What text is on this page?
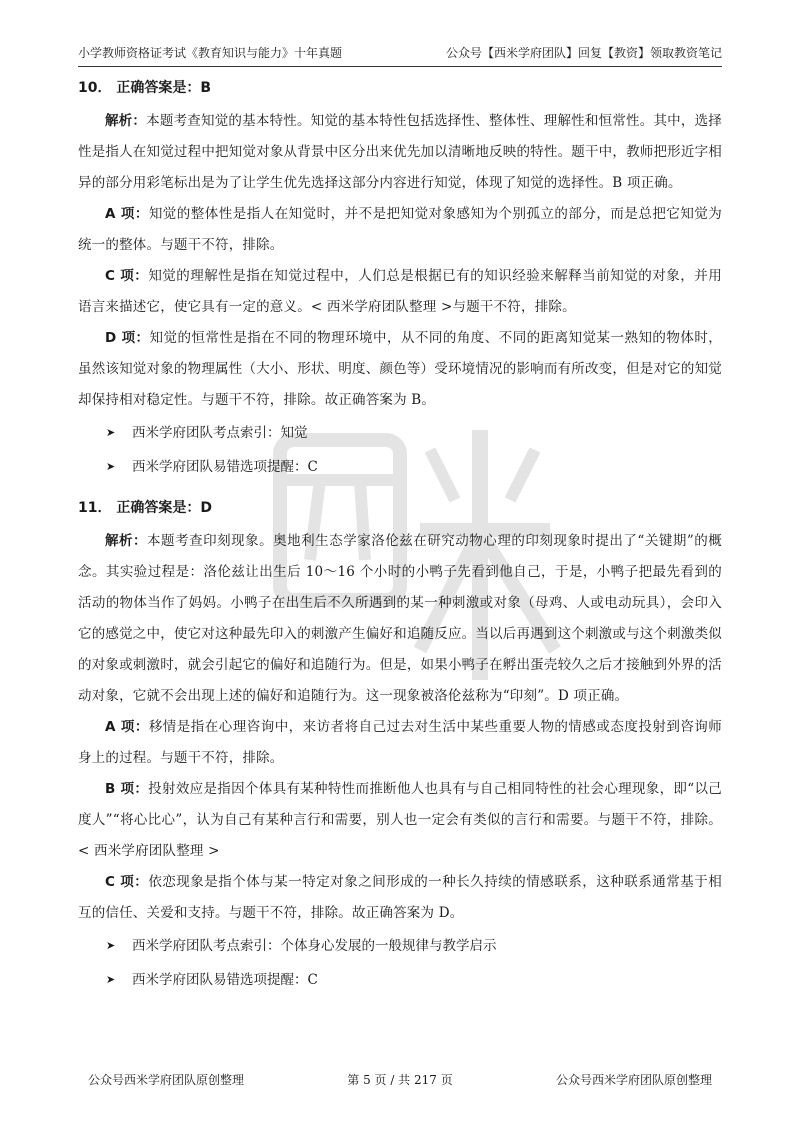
小学教师资格证考试《教育知识与能力》十年真题	公众号【西米学府团队】回复【教资】领取教资笔记

10． 正确答案是：B

解析：本题考查知觉的基本特性。知觉的基本特性包括选择性、整体性、理解性和恒常性。其中，选择性是指人在知觉过程中把知觉对象从背景中区分出来优先加以清晰地反映的特性。题干中，教师把形近字相异的部分用彩笔标出是为了让学生优先选择这部分内容进行知觉，体现了知觉的选择性。B 项正确。

A 项：知觉的整体性是指人在知觉时，并不是把知觉对象感知为个别孤立的部分，而是总把它知觉为统一的整体。与题干不符，排除。

C 项：知觉的理解性是指在知觉过程中，人们总是根据已有的知识经验来解释当前知觉的对象，并用语言来描述它，使它具有一定的意义。< 西米学府团队整理 >与题干不符，排除。

D 项：知觉的恒常性是指在不同的物理环境中，从不同的角度、不同的距离知觉某一熟知的物体时，虽然该知觉对象的物理属性（大小、形状、明度、颜色等）受环境情况的影响而有所改变，但是对它的知觉却保持相对稳定性。与题干不符，排除。故正确答案为 B。

➤	西米学府团队考点索引：知觉

➤	西米学府团队易错选项提醒：C

11． 正确答案是：D

解析：本题考查印刻现象。奥地利生态学家洛伦兹在研究动物心理的印刻现象时提出了“关键期”的概念。其实验过程是：洛伦兹让出生后 10～16 个小时的小鸭子先看到他自己，于是，小鸭子把最先看到的活动的物体当作了妈妈。小鸭子在出生后不久所遇到的某一种刺激或对象（母鸡、人或电动玩具），会印入它的感觉之中，使它对这种最先印入的刺激产生偏好和追随反应。当以后再遇到这个刺激或与这个刺激类似的对象或刺激时，就会引起它的偏好和追随行为。但是，如果小鸭子在孵出蛋壳较久之后才接触到外界的活动对象，它就不会出现上述的偏好和追随行为。这一现象被洛伦兹称为“印刻”。D 项正确。

A 项：移情是指在心理咨询中，来访者将自己过去对生活中某些重要人物的情感或态度投射到咨询师身上的过程。与题干不符，排除。

B 项：投射效应是指因个体具有某种特性而推断他人也具有与自己相同特性的社会心理现象，即“以己度人”“将心比心”，认为自己有某种言行和需要，别人也一定会有类似的言行和需要。与题干不符，排除。< 西米学府团队整理 >

C 项：依恋现象是指个体与某一特定对象之间形成的一种长久持续的情感联系，这种联系通常基于相互的信任、关爱和支持。与题干不符，排除。故正确答案为 D。

➤	西米学府团队考点索引：个体身心发展的一般规律与教学启示

➤	西米学府团队易错选项提醒：C

公众号西米学府团队原创整理	第 5 页 / 共 217 页	公众号西米学府团队原创整理
